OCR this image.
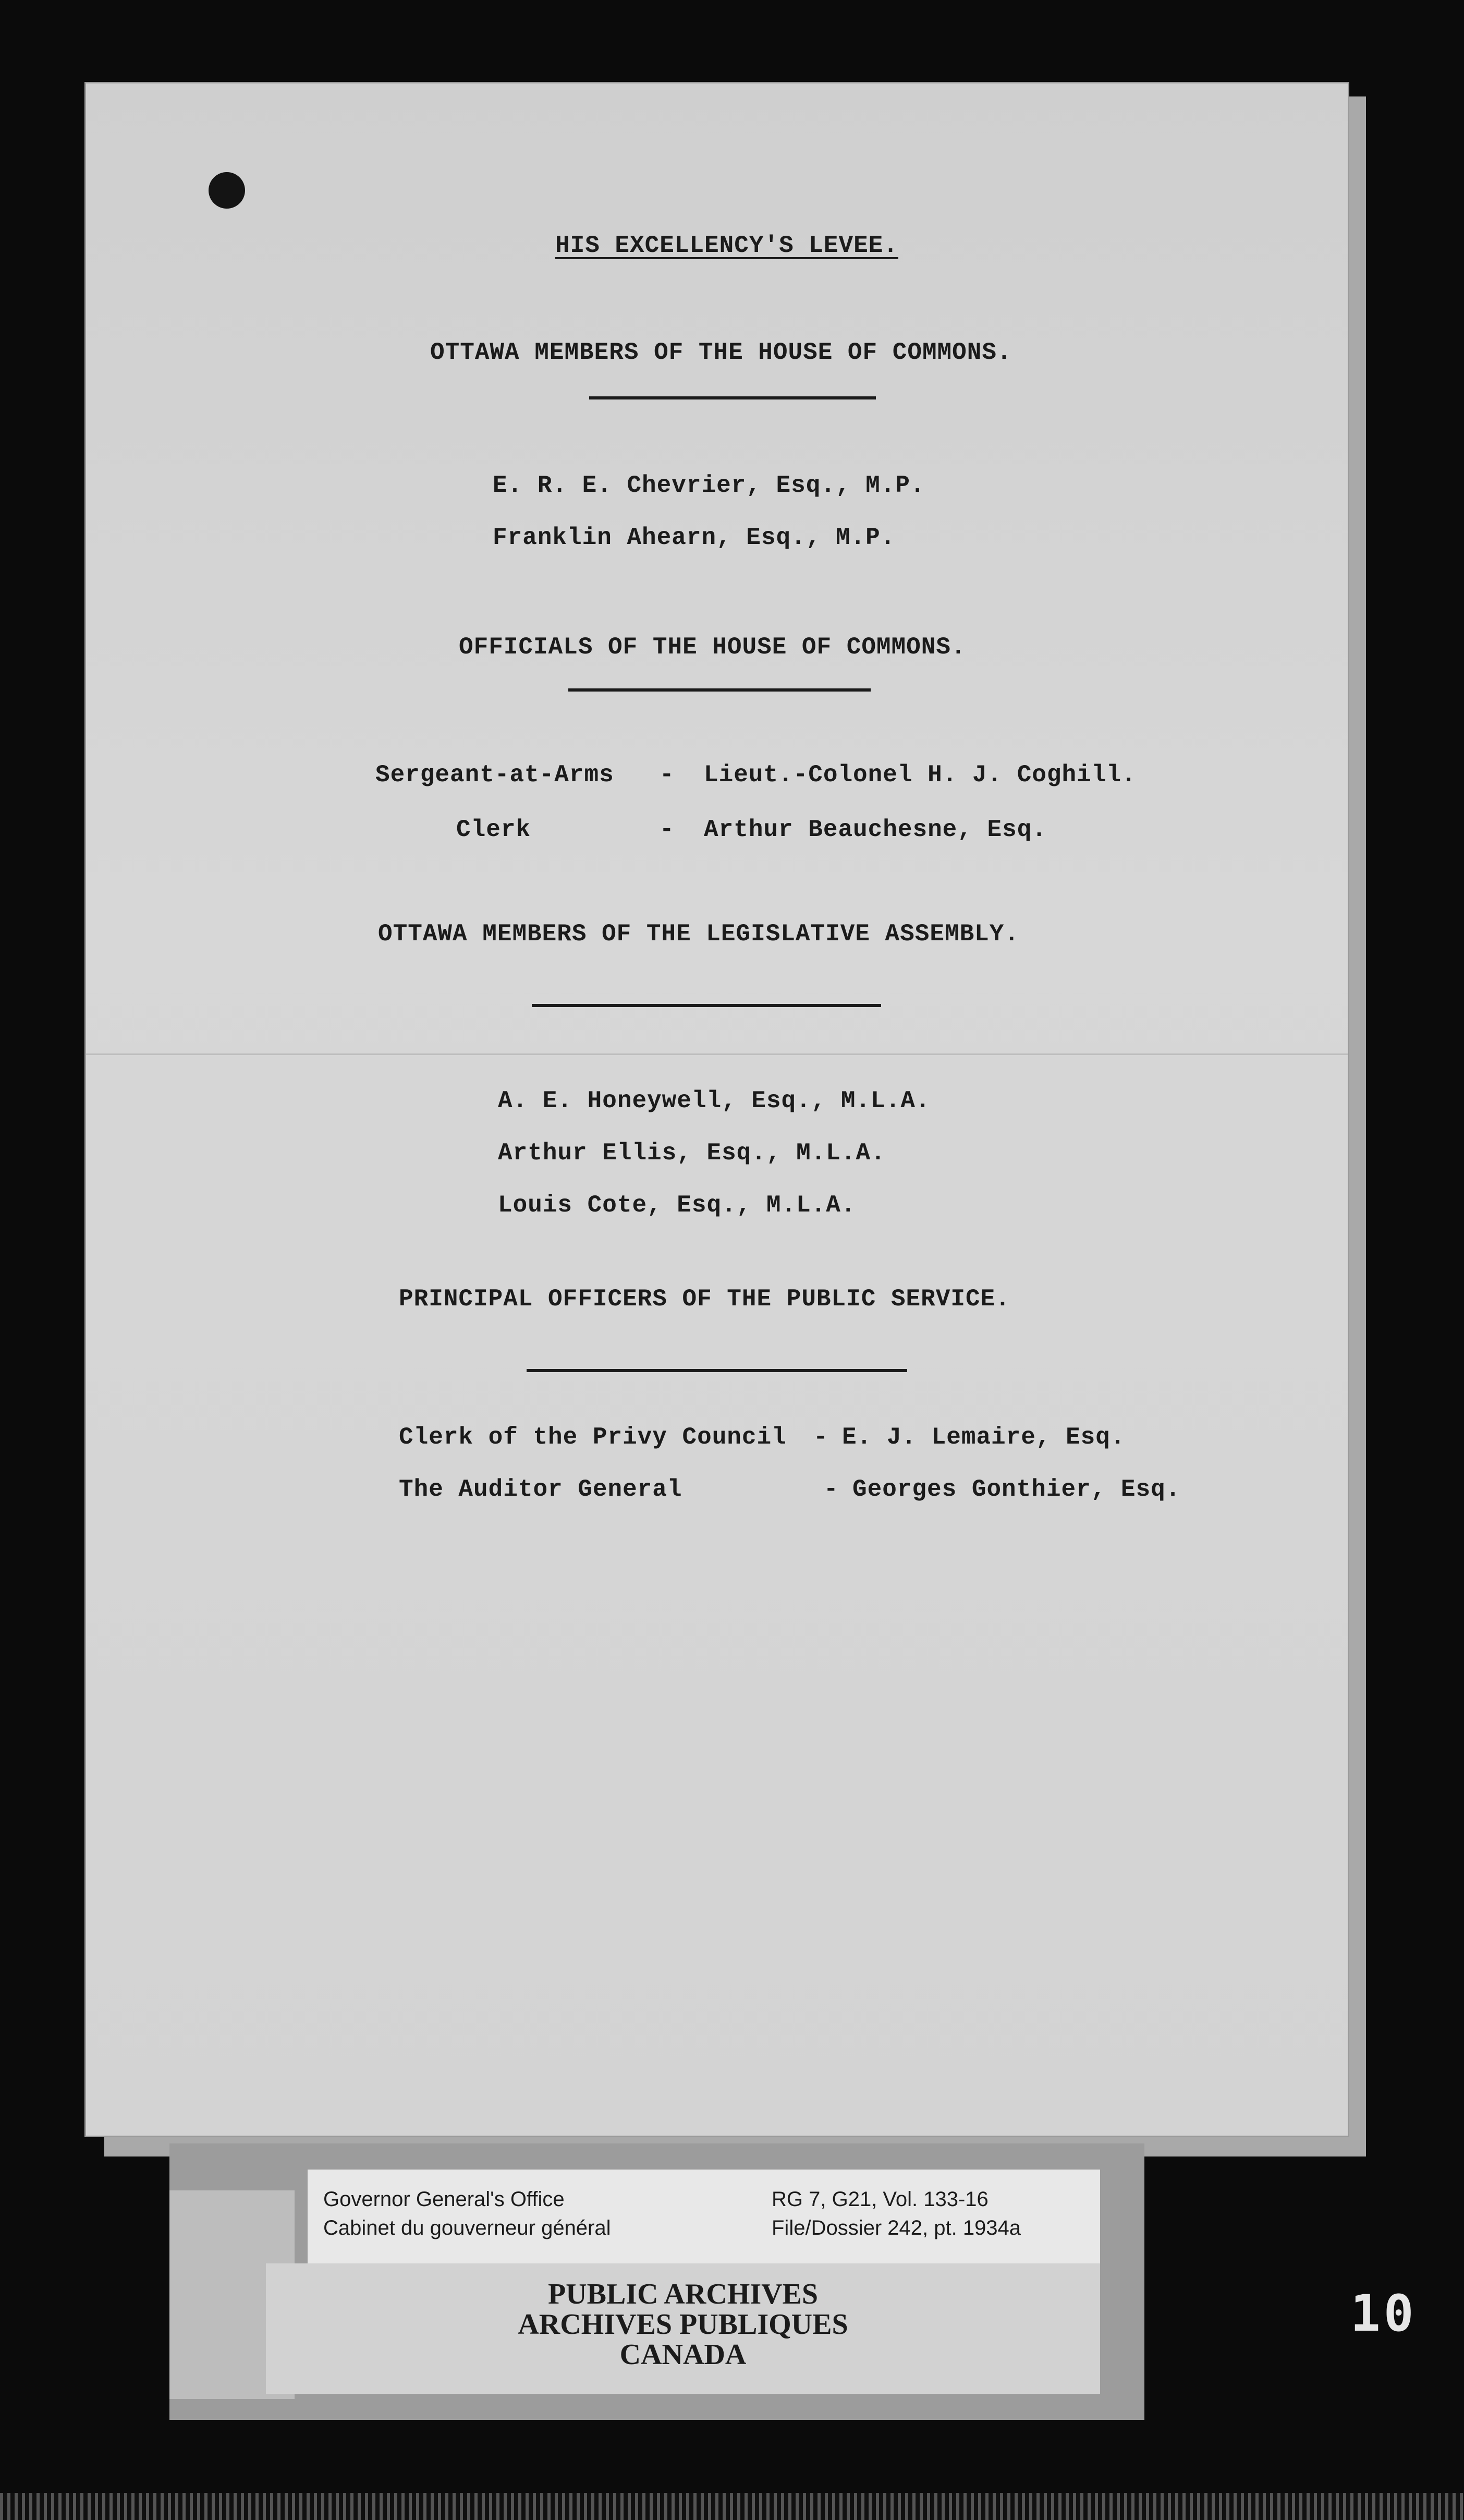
HIS EXCELLENCY'S LEVEE.
OTTAWA MEMBERS OF THE HOUSE OF COMMONS.
E. R. E. Chevrier, Esq., M.P.
Franklin Ahearn, Esq., M.P.
OFFICIALS OF THE HOUSE OF COMMONS.
Sergeant-at-Arms - Lieut.-Colonel H. J. Coghill.
Clerk	- Arthur Beauchesne, Esq.
OTTAWA MEMBERS OF THE LEGISLATIVE ASSEMBLY.
A. E. Honeywell, Esq., M.L.A.
Arthur Ellis, Esq., M.L.A.
Louis Cote, Esq., M.L.A.
PRINCIPAL OFFICERS OF THE PUBLIC SERVICE.
Clerk of the Privy Council - E. J. Lemaire, Esq.
The Auditor General	- Georges Gonthier, Esq.
Governor General's Office
Cabinet du gouverneur général
RG 7, G21, Vol. 133-16
File/Dossier 242, pt. 1934a
PUBLIC ARCHIVES
ARCHIVES PUBLIQUES
CANADA
10
